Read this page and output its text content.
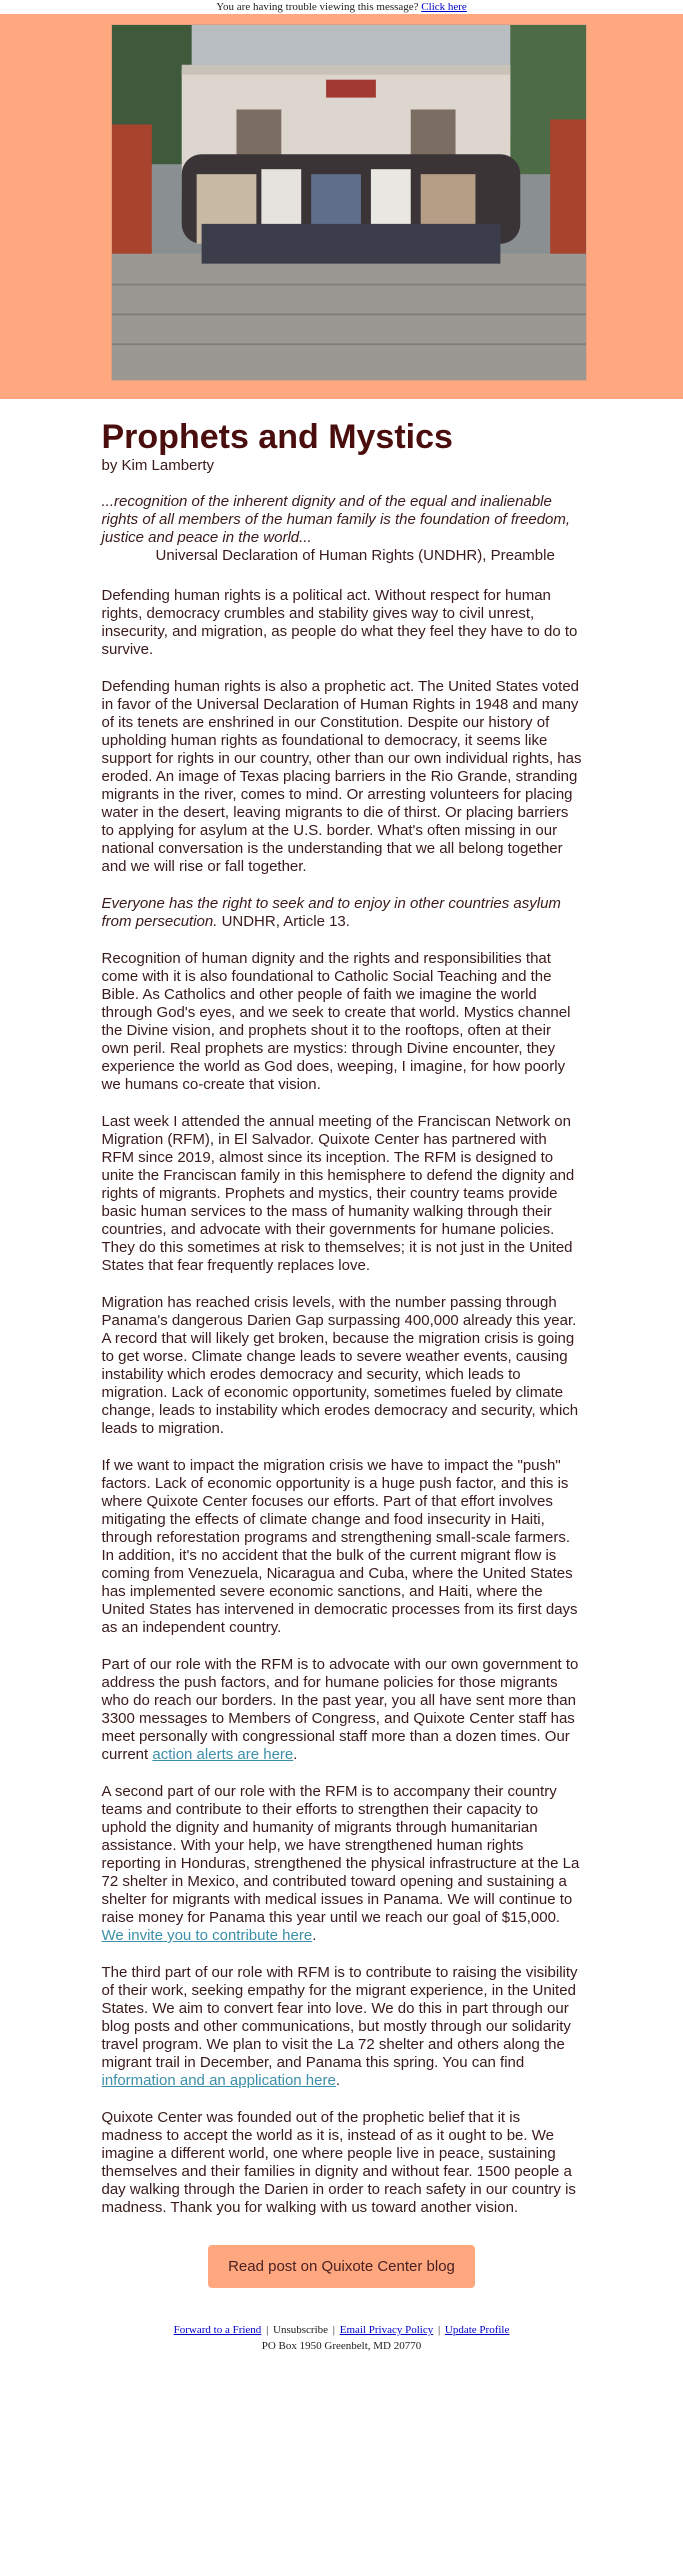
You are having trouble viewing this message? Click here
Prophets and Mystics

by Kim Lamberty

...recognition of the inherent dignity and of the equal and inalienable rights of all members of the human family is the foundation of freedom, justice and peace in the world...
Universal Declaration of Human Rights (UNDHR), Preamble

Defending human rights is a political act. Without respect for human rights, democracy crumbles and stability gives way to civil unrest, insecurity, and migration, as people do what they feel they have to do to survive.

Defending human rights is also a prophetic act. The United States voted in favor of the Universal Declaration of Human Rights in 1948 and many of its tenets are enshrined in our Constitution. Despite our history of upholding human rights as foundational to democracy, it seems like support for rights in our country, other than our own individual rights, has eroded. An image of Texas placing barriers in the Rio Grande, stranding migrants in the river, comes to mind. Or arresting volunteers for placing water in the desert, leaving migrants to die of thirst. Or placing barriers to applying for asylum at the U.S. border. What's often missing in our national conversation is the understanding that we all belong together and we will rise or fall together.

Everyone has the right to seek and to enjoy in other countries asylum from persecution. UNDHR, Article 13.

Recognition of human dignity and the rights and responsibilities that come with it is also foundational to Catholic Social Teaching and the Bible. As Catholics and other people of faith we imagine the world through God's eyes, and we seek to create that world. Mystics channel the Divine vision, and prophets shout it to the rooftops, often at their own peril. Real prophets are mystics: through Divine encounter, they experience the world as God does, weeping, I imagine, for how poorly we humans co-create that vision.

Last week I attended the annual meeting of the Franciscan Network on Migration (RFM), in El Salvador. Quixote Center has partnered with RFM since 2019, almost since its inception. The RFM is designed to unite the Franciscan family in this hemisphere to defend the dignity and rights of migrants. Prophets and mystics, their country teams provide basic human services to the mass of humanity walking through their countries, and advocate with their governments for humane policies. They do this sometimes at risk to themselves; it is not just in the United States that fear frequently replaces love.

Migration has reached crisis levels, with the number passing through Panama's dangerous Darien Gap surpassing 400,000 already this year. A record that will likely get broken, because the migration crisis is going to get worse. Climate change leads to severe weather events, causing instability which erodes democracy and security, which leads to migration. Lack of economic opportunity, sometimes fueled by climate change, leads to instability which erodes democracy and security, which leads to migration.

If we want to impact the migration crisis we have to impact the "push" factors. Lack of economic opportunity is a huge push factor, and this is where Quixote Center focuses our efforts. Part of that effort involves mitigating the effects of climate change and food insecurity in Haiti, through reforestation programs and strengthening small-scale farmers. In addition, it's no accident that the bulk of the current migrant flow is coming from Venezuela, Nicaragua and Cuba, where the United States has implemented severe economic sanctions, and Haiti, where the United States has intervened in democratic processes from its first days as an independent country.

Part of our role with the RFM is to advocate with our own government to address the push factors, and for humane policies for those migrants who do reach our borders. In the past year, you all have sent more than 3300 messages to Members of Congress, and Quixote Center staff has meet personally with congressional staff more than a dozen times. Our current action alerts are here.

A second part of our role with the RFM is to accompany their country teams and contribute to their efforts to strengthen their capacity to uphold the dignity and humanity of migrants through humanitarian assistance. With your help, we have strengthened human rights reporting in Honduras, strengthened the physical infrastructure at the La 72 shelter in Mexico, and contributed toward opening and sustaining a shelter for migrants with medical issues in Panama. We will continue to raise money for Panama this year until we reach our goal of $15,000. We invite you to contribute here.

The third part of our role with RFM is to contribute to raising the visibility of their work, seeking empathy for the migrant experience, in the United States. We aim to convert fear into love. We do this in part through our blog posts and other communications, but mostly through our solidarity travel program. We plan to visit the La 72 shelter and others along the migrant trail in December, and Panama this spring. You can find information and an application here.

Quixote Center was founded out of the prophetic belief that it is madness to accept the world as it is, instead of as it ought to be. We imagine a different world, one where people live in peace, sustaining themselves and their families in dignity and without fear. 1500 people a day walking through the Darien in order to reach safety in our country is madness. Thank you for walking with us toward another vision.

Read post on Quixote Center blog
Forward to a Friend | Unsubscribe | Email Privacy Policy | Update Profile
PO Box 1950 Greenbelt, MD 20770
